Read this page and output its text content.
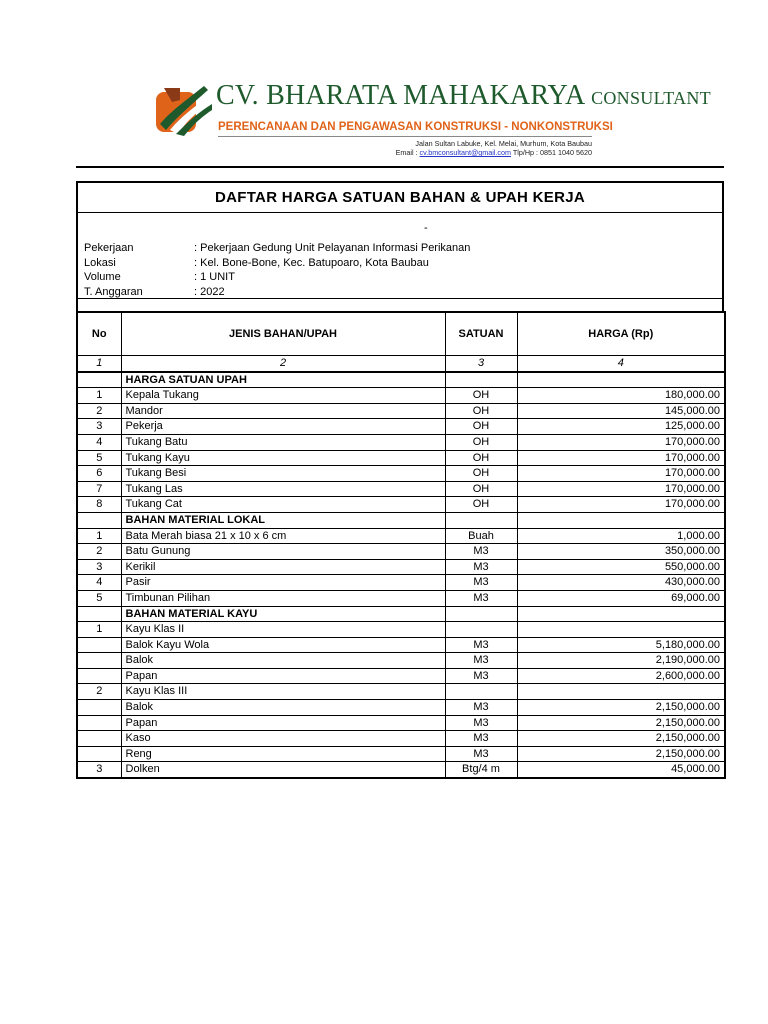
CV. BHARATA MAHAKARYA CONSULTANT
PERENCANAAN DAN PENGAWASAN KONSTRUKSI - NONKONSTRUKSI
Jalan Sultan Labuke, Kel. Melai, Murhum, Kota Baubau
Email : cv.bmconsultant@gmail.com Tlp/Hp : 0851 1040 5620
DAFTAR HARGA SATUAN BAHAN & UPAH KERJA
-
Pekerjaan	: Pekerjaan Gedung Unit Pelayanan Informasi Perikanan
Lokasi	: Kel. Bone-Bone, Kec. Batupoaro, Kota Baubau
Volume	: 1 UNIT
T. Anggaran	: 2022
No	JENIS BAHAN/UPAH	SATUAN	HARGA (Rp)
1	2	3	4
	HARGA SATUAN UPAH		
1	Kepala Tukang	OH	180,000.00
2	Mandor	OH	145,000.00
3	Pekerja	OH	125,000.00
4	Tukang Batu	OH	170,000.00
5	Tukang Kayu	OH	170,000.00
6	Tukang Besi	OH	170,000.00
7	Tukang Las	OH	170,000.00
8	Tukang Cat	OH	170,000.00
	BAHAN MATERIAL LOKAL		
1	Bata Merah biasa 21 x 10 x 6 cm	Buah	1,000.00
2	Batu Gunung	M3	350,000.00
3	Kerikil	M3	550,000.00
4	Pasir	M3	430,000.00
5	Timbunan Pilihan	M3	69,000.00
	BAHAN MATERIAL KAYU		
1	Kayu Klas II		
	Balok Kayu Wola	M3	5,180,000.00
	Balok	M3	2,190,000.00
	Papan	M3	2,600,000.00
2	Kayu Klas III		
	Balok	M3	2,150,000.00
	Papan	M3	2,150,000.00
	Kaso	M3	2,150,000.00
	Reng	M3	2,150,000.00
3	Dolken	Btg/4 m	45,000.00
